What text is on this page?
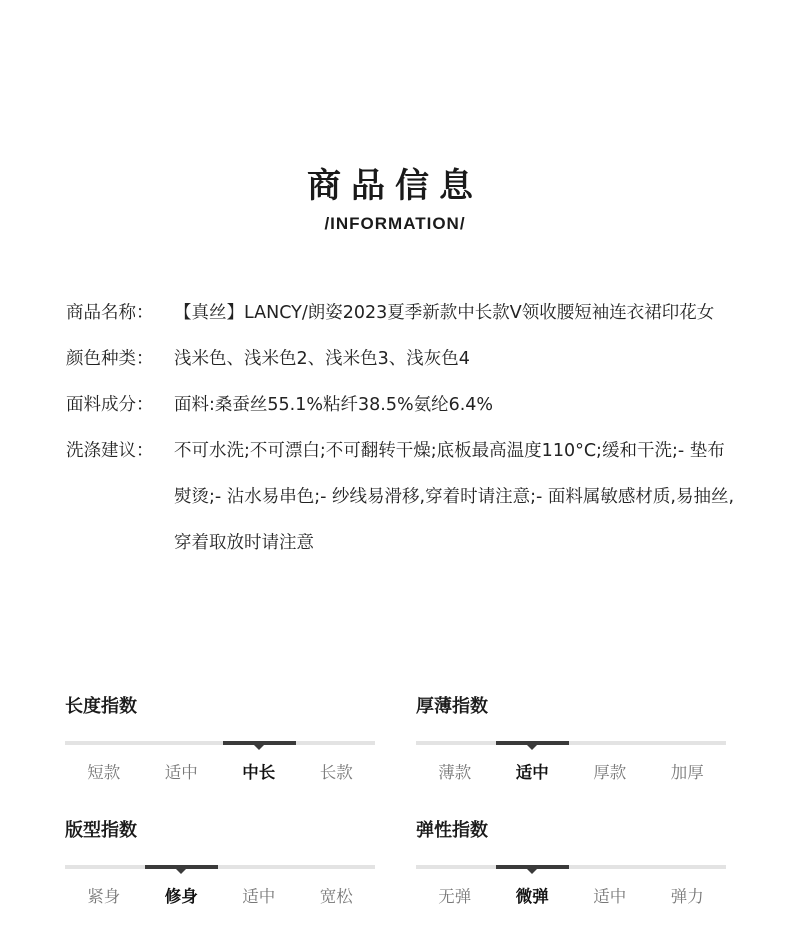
商品信息
/INFORMATION/
商品名称：	【真丝】LANCY/朗姿2023夏季新款中长款V领收腰短袖连衣裙印花女
颜色种类：	浅米色、浅米色2、浅米色3、浅灰色4
面料成分：	面料:桑蚕丝55.1%粘纤38.5%氨纶6.4%
洗涤建议：	不可水洗;不可漂白;不可翻转干燥;底板最高温度110°C;缓和干洗;- 垫布熨烫;- 沾水易串色;- 纱线易滑移,穿着时请注意;- 面料属敏感材质,易抽丝,穿着取放时请注意
长度指数
短款	适中	中长	长款
厚薄指数
薄款	适中	厚款	加厚
版型指数
紧身	修身	适中	宽松
弹性指数
无弹	微弹	适中	弹力
